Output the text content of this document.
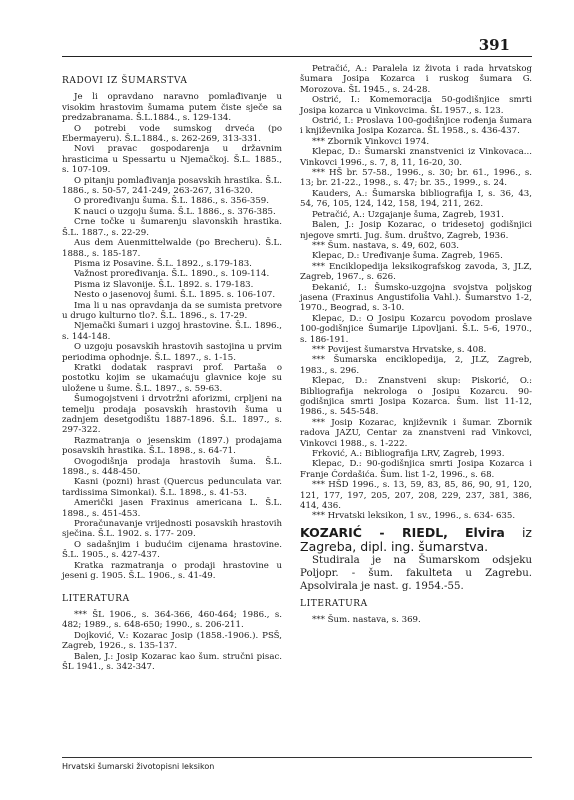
391
RADOVI IZ ŠUMARSTVA
Je li opravdano naravno pomlađivanje u visokim hrastovim šumama putem čiste sječe sa predzabranama. Š.L.1884., s. 129-134.
O potrebi vode sumskog drveća (po Ebermayeru). Š.L.1884., s. 262-269, 313-331.
Novi pravac gospodarenja u državnim hrasticima u Spessartu u Njemačkoj. Š.L. 1885., s. 107-109.
O pitanju pomlađivanja posavskih hrastika. Š.L. 1886., s. 50-57, 241-249, 263-267, 316-320.
O proređivanju šuma. Š.L. 1886., s. 356-359.
K nauci o uzgoju šuma. Š.L. 1886., s. 376-385.
Crne točke u šumarenju slavonskih hrastika. Š.L. 1887., s. 22-29.
Aus dem Auenmittelwalde (po Brecheru). Š.L. 1888., s. 185-187.
Pisma iz Posavine. Š.L. 1892., s.179-183.
Važnost proređivanja. Š.L. 1890., s. 109-114.
Pisma iz Slavonije. Š.L. 1892. s. 179-183.
Nesto o jasenovoj šumi. Š.L. 1895. s. 106-107.
Ima li u nas opravdanja da se sumista pretvore u drugo kulturno tlo?. Š.L. 1896., s. 17-29.
Njemački šumari i uzgoj hrastovine. Š.L. 1896., s. 144-148.
O uzgoju posavskih hrastovih sastojina u prvim periodima ophodnje. Š.L. 1897., s. 1-15.
Kratki dodatak raspravi prof. Partaša o postotku kojim se ukamaćuju glavnice koje su uložene u šume. Š.L. 1897., s. 59-63.
Šumogojstveni i drvotržni aforizmi, crpljeni na temelju prodaja posavskih hrastovih šuma u zadnjem desetgodištu 1887-1896. Š.L. 1897., s. 297-322.
Razmatranja o jesenskim (1897.) prodajama posavskih hrastika. Š.L. 1898., s. 64-71.
Ovogodišnja prodaja hrastovih šuma. Š.L. 1898., s. 448-450.
Kasni (pozni) hrast (Quercus pedunculata var. tardissima Simonkai). Š.L. 1898., s. 41-53.
Američki jasen Fraxinus americana L. Š.L. 1898., s. 451-453.
Proračunavanje vrijednosti posavskih hrastovih sječina. Š.L. 1902. s. 177- 209.
O sadašnjim i budućim cijenama hrastovine. Š.L. 1905., s. 427-437.
Kratka razmatranja o prodaji hrastovine u jeseni g. 1905. Š.L. 1906., s. 41-49.
LITERATURA
*** ŠL 1906., s. 364-366, 460-464; 1986., s. 482; 1989., s. 648-650; 1990., s. 206-211.
Dojković, V.: Kozarac Josip (1858.-1906.). PSŠ, Zagreb, 1926., s. 135-137.
Balen, J.: Josip Kozarac kao šum. stručni pisac. ŠL 1941., s. 342-347.
Petračić, A.: Paralela iz života i rada hrvatskog šumara Josipa Kozarca i ruskog šumara G. Morozova. ŠL 1945., s. 24-28.
Ostrić, I.: Komemoracija 50-godišnjice smrti Josipa kozarca u Vinkovcima. ŠL 1957., s. 123.
Ostrić, I.: Proslava 100-godišnjice rođenja šumara i književnika Josipa Kozarca. ŠL 1958., s. 436-437.
*** Zbornik Vinkovci 1974.
Klepac, D.: Šumarski znanstvenici iz Vinkovaca... Vinkovci 1996., s. 7, 8, 11, 16-20, 30.
*** HŠ br. 57-58., 1996., s. 30; br. 61., 1996., s. 13; br. 21-22., 1998., s. 47; br. 35., 1999., s. 24.
Kauders, A.: Šumarska bibliografija I, s. 36, 43, 54, 76, 105, 124, 142, 158, 194, 211, 262.
Petračić, A.: Uzgajanje šuma, Zagreb, 1931.
Balen, J.: Josip Kozarac, o tridesetoj godišnjici njegove smrti. Jug. šum. društvo, Zagreb, 1936.
*** Šum. nastava, s. 49, 602, 603.
Klepac, D.: Uređivanje šuma. Zagreb, 1965.
*** Enciklopedija leksikografskog zavoda, 3, JLZ, Zagreb, 1967., s. 626.
Đekanić, I.: Šumsko-uzgojna svojstva poljskog jasena (Fraxinus Angustifolia Vahl.). Šumarstvo 1-2, 1970., Beograd, s. 3-10.
Klepac, D.: O Josipu Kozarcu povodom proslave 100-godišnjice Šumarije Lipovljani. Š.L. 5-6, 1970., s. 186-191.
*** Povijest šumarstva Hrvatske, s. 408.
*** Šumarska enciklopedija, 2, JLZ, Zagreb, 1983., s. 296.
Klepac, D.: Znanstveni skup: Piskorić, O.: Bibliografija nekrologa o Josipu Kozarcu. 90-godišnjica smrti Josipa Kozarca. Šum. list 11-12, 1986., s. 545-548.
*** Josip Kozarac, književnik i šumar. Zbornik radova JAZU, Centar za znanstveni rad Vinkovci, Vinkovci 1988., s. 1-222.
Frković, A.: Bibliografija LRV, Zagreb, 1993.
Klepac, D.: 90-godišnjica smrti Josipa Kozarca i Franje Ćordašića. Šum. list 1-2, 1996., s. 68.
*** HŠD 1996., s. 13, 59, 83, 85, 86, 90, 91, 120, 121, 177, 197, 205, 207, 208, 229, 237, 381, 386, 414, 436.
*** Hrvatski leksikon, 1 sv., 1996., s. 634- 635.
KOZARIĆ - RIEDL, Elvira iz Zagreba, dipl. ing. šumarstva.
Studirala je na Šumarskom odsjeku Poljopr. - šum. fakulteta u Zagrebu. Apsolvirala je nast. g. 1954.-55.
LITERATURA
*** Šum. nastava, s. 369.
Hrvatski šumarski životopisni leksikon
